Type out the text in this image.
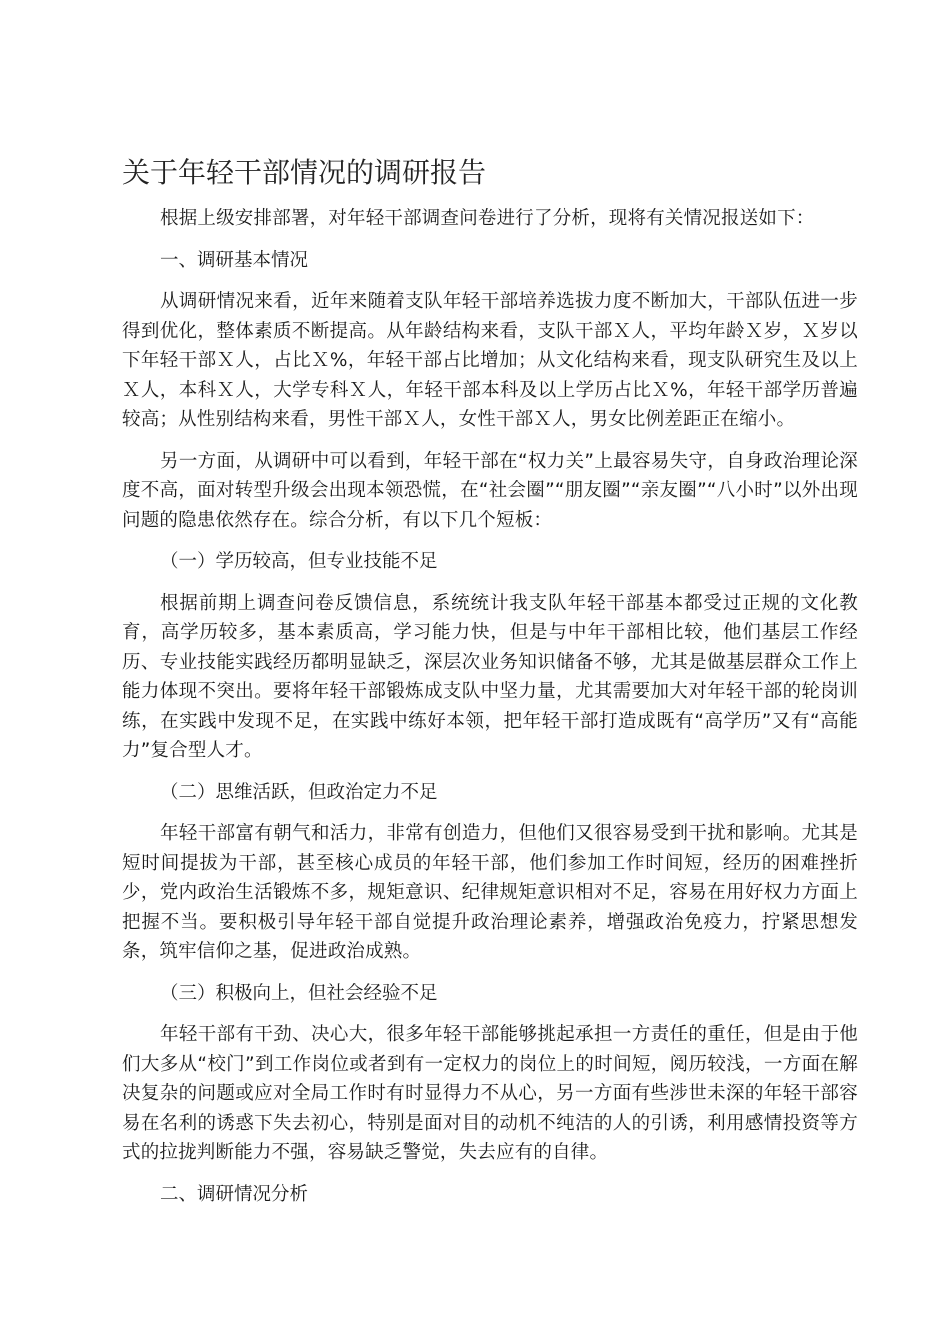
关于年轻干部情况的调研报告

根据上级安排部署，对年轻干部调查问卷进行了分析，现将有关情况报送如下：

一、调研基本情况

从调研情况来看，近年来随着支队年轻干部培养选拔力度不断加大，干部队伍进一步得到优化，整体素质不断提高。从年龄结构来看，支队干部Ｘ人，平均年龄Ｘ岁，Ｘ岁以下年轻干部Ｘ人，占比Ｘ%，年轻干部占比增加；从文化结构来看，现支队研究生及以上Ｘ人，本科Ｘ人，大学专科Ｘ人，年轻干部本科及以上学历占比Ｘ%，年轻干部学历普遍较高；从性别结构来看，男性干部Ｘ人，女性干部Ｘ人，男女比例差距正在缩小。

另一方面，从调研中可以看到，年轻干部在“权力关”上最容易失守，自身政治理论深度不高，面对转型升级会出现本领恐慌，在“社会圈”“朋友圈”“亲友圈”“八小时”以外出现问题的隐患依然存在。综合分析，有以下几个短板：

（一）学历较高，但专业技能不足

根据前期上调查问卷反馈信息，系统统计我支队年轻干部基本都受过正规的文化教育，高学历较多，基本素质高，学习能力快，但是与中年干部相比较，他们基层工作经历、专业技能实践经历都明显缺乏，深层次业务知识储备不够，尤其是做基层群众工作上能力体现不突出。要将年轻干部锻炼成支队中坚力量，尤其需要加大对年轻干部的轮岗训练，在实践中发现不足，在实践中练好本领，把年轻干部打造成既有“高学历”又有“高能力”复合型人才。

（二）思维活跃，但政治定力不足

年轻干部富有朝气和活力，非常有创造力，但他们又很容易受到干扰和影响。尤其是短时间提拔为干部，甚至核心成员的年轻干部，他们参加工作时间短，经历的困难挫折少，党内政治生活锻炼不多，规矩意识、纪律规矩意识相对不足，容易在用好权力方面上把握不当。要积极引导年轻干部自觉提升政治理论素养，增强政治免疫力，拧紧思想发条，筑牢信仰之基，促进政治成熟。

（三）积极向上，但社会经验不足

年轻干部有干劲、决心大，很多年轻干部能够挑起承担一方责任的重任，但是由于他们大多从“校门”到工作岗位或者到有一定权力的岗位上的时间短，阅历较浅，一方面在解决复杂的问题或应对全局工作时有时显得力不从心，另一方面有些涉世未深的年轻干部容易在名利的诱惑下失去初心，特别是面对目的动机不纯洁的人的引诱，利用感情投资等方式的拉拢判断能力不强，容易缺乏警觉，失去应有的自律。

二、调研情况分析
